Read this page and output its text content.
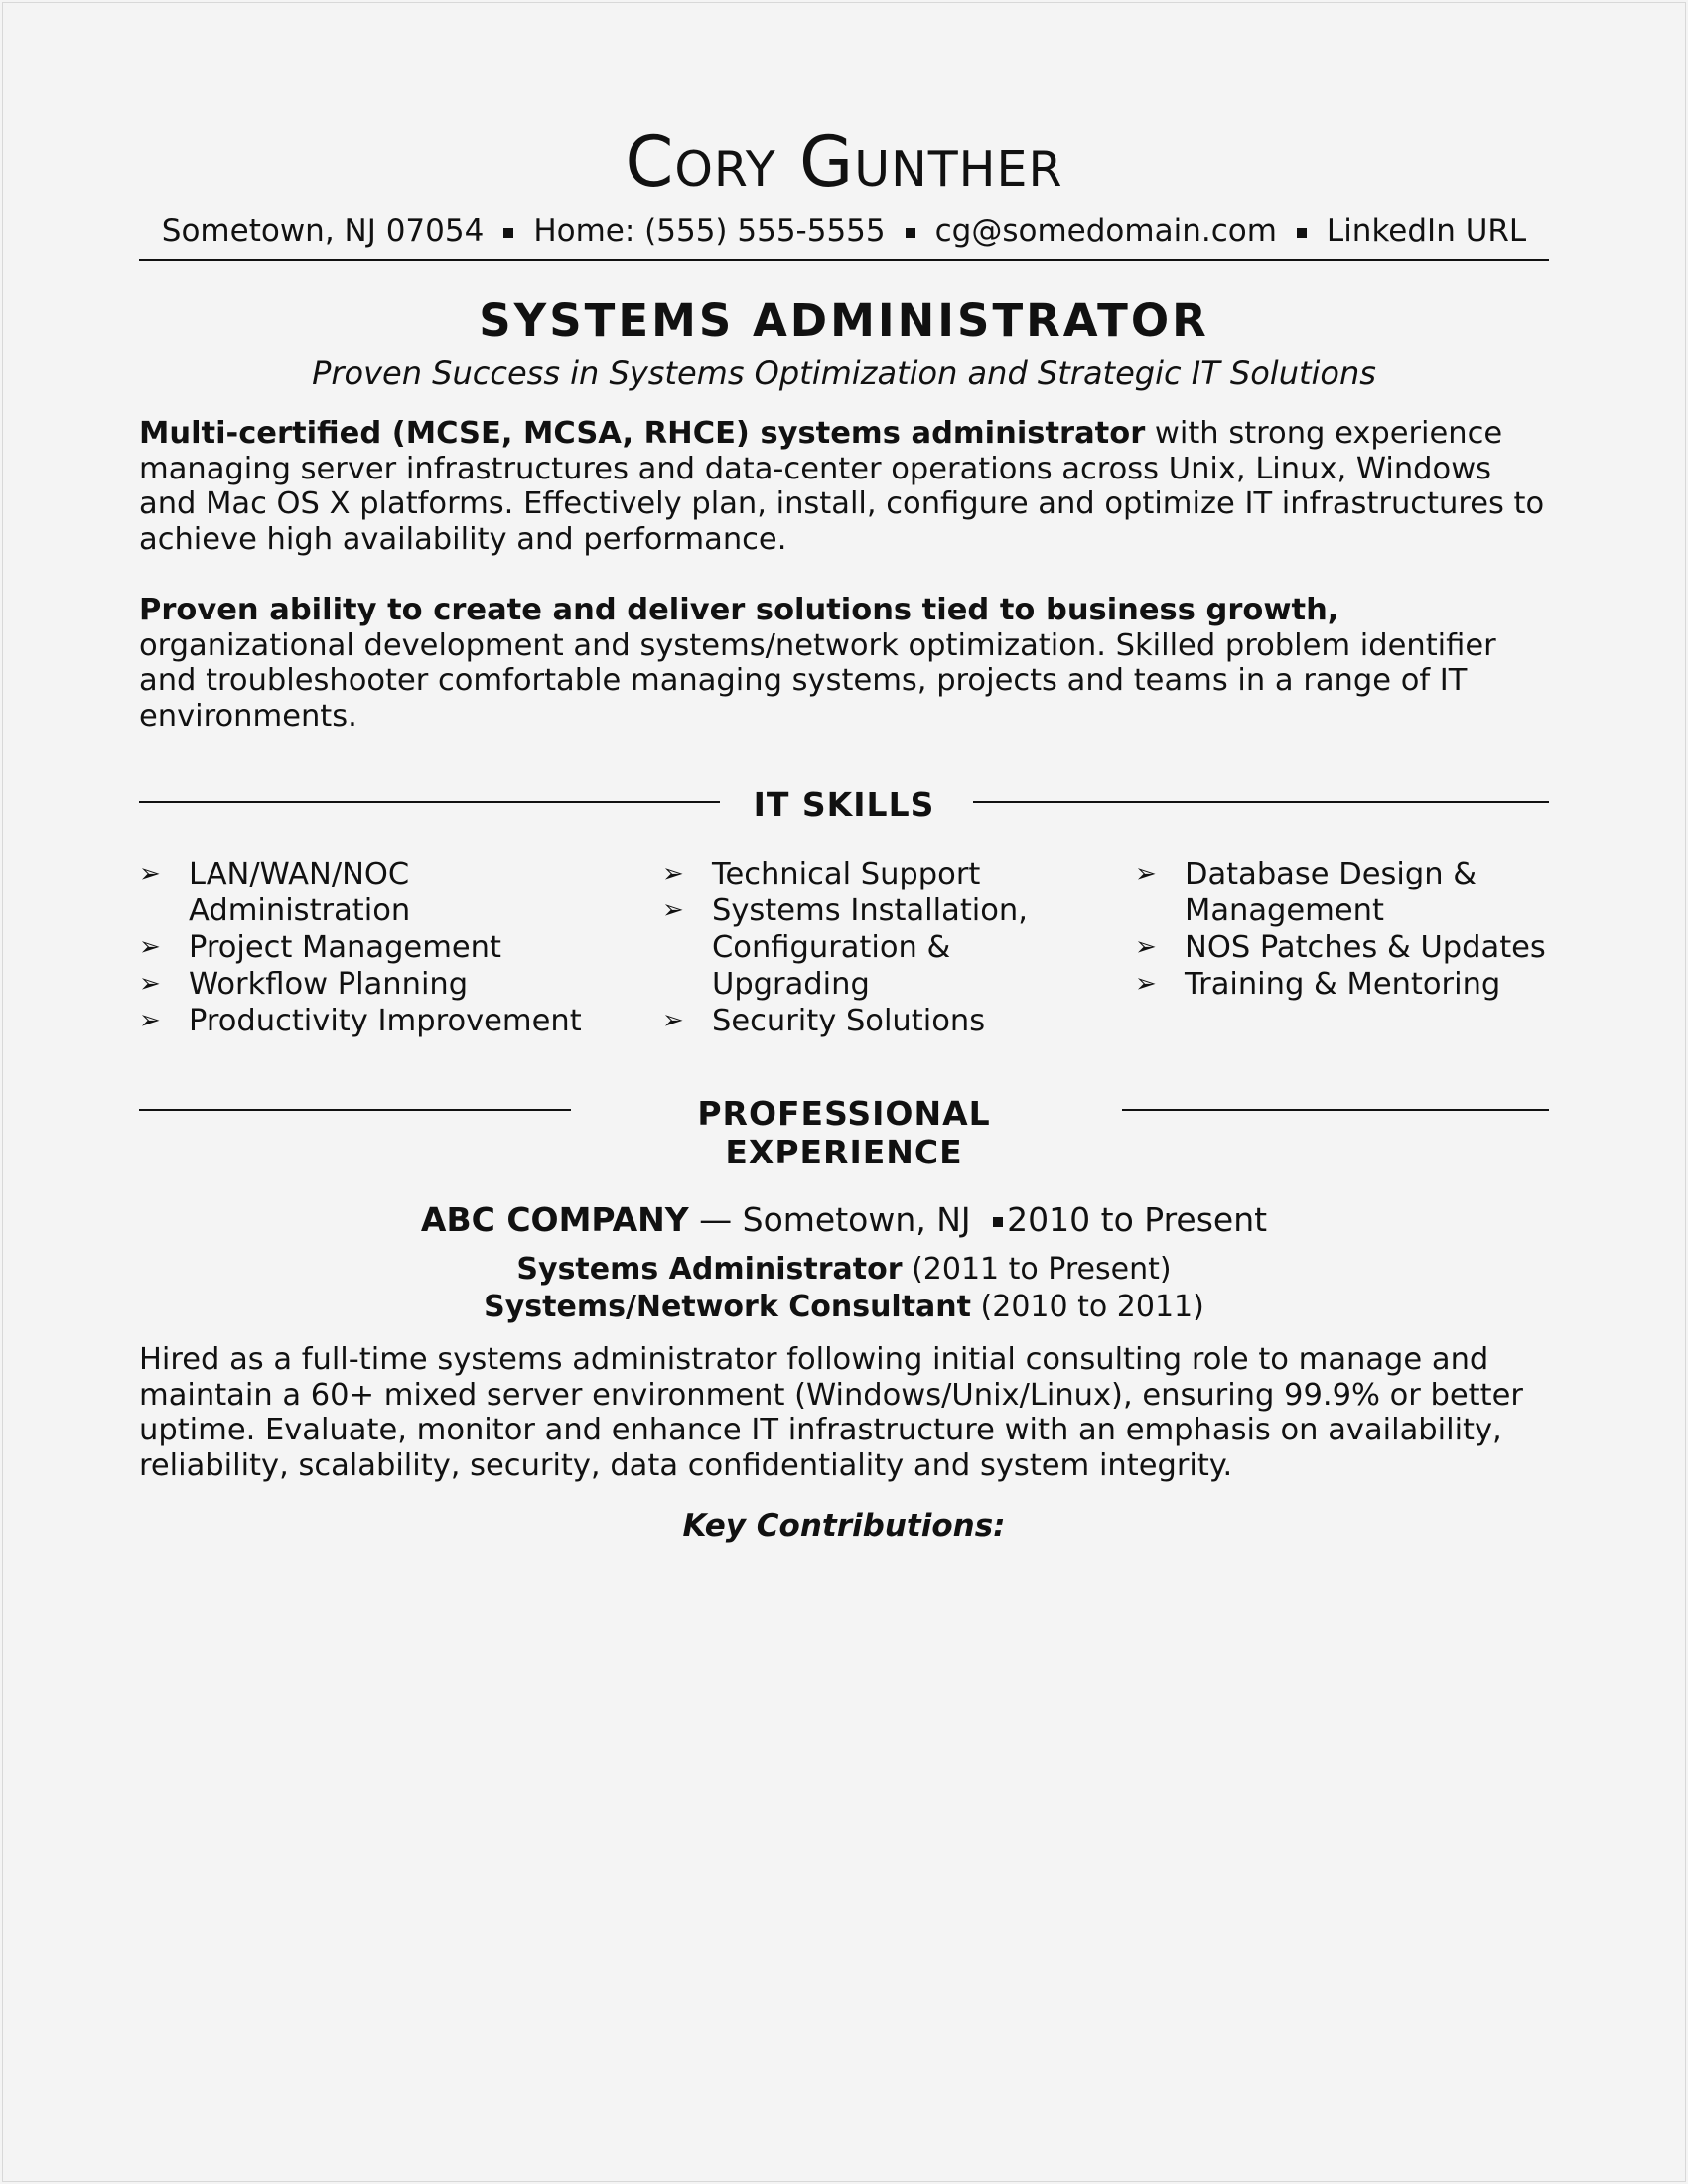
Cory Gunther
Sometown, NJ 07054 Home: (555) 555-5555 cg@somedomain.com LinkedIn URL
SYSTEMS ADMINISTRATOR
Proven Success in Systems Optimization and Strategic IT Solutions
Multi-certified (MCSE, MCSA, RHCE) systems administrator with strong experience managing server infrastructures and data-center operations across Unix, Linux, Windows and Mac OS X platforms. Effectively plan, install, configure and optimize IT infrastructures to achieve high availability and performance.
Proven ability to create and deliver solutions tied to business growth, organizational development and systems/network optimization. Skilled problem identifier and troubleshooter comfortable managing systems, projects and teams in a range of IT environments.
IT SKILLS
➢ LAN/WAN/NOC Administration
➢ Project Management
➢ Workflow Planning
➢ Productivity Improvement
➢ Technical Support
➢ Systems Installation, Configuration & Upgrading
➢ Security Solutions
➢ Database Design & Management
➢ NOS Patches & Updates
➢ Training & Mentoring
PROFESSIONAL
EXPERIENCE
ABC COMPANY — Sometown, NJ 2010 to Present
Systems Administrator (2011 to Present)
Systems/Network Consultant (2010 to 2011)
Hired as a full-time systems administrator following initial consulting role to manage and maintain a 60+ mixed server environment (Windows/Unix/Linux), ensuring 99.9% or better uptime. Evaluate, monitor and enhance IT infrastructure with an emphasis on availability, reliability, scalability, security, data confidentiality and system integrity.
Key Contributions:
